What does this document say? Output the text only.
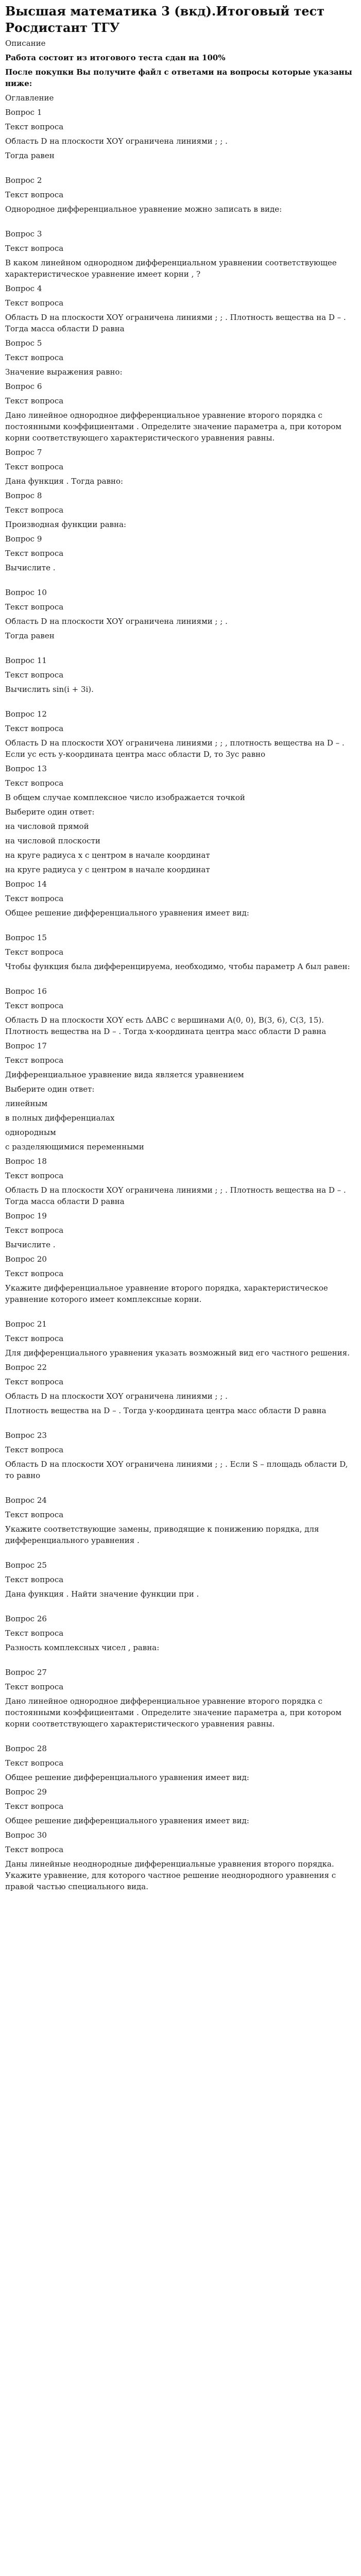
Высшая математика 3 (вкд).Итоговый тест Росдистант ТГУ
Описание
Работа состоит из итогового теста сдан на 100%
После покупки Вы получите файл с ответами на вопросы которые указаны ниже:
Оглавление
Вопрос 1
Текст вопроса
Область D на плоскости XOY ограничена линиями ; ; .
Тогда равен
Вопрос 2
Текст вопроса
Однородное дифференциальное уравнение можно записать в виде:
Вопрос 3
Текст вопроса
В каком линейном однородном дифференциальном уравнении соответствующее характеристическое уравнение имеет корни , ?
Вопрос 4
Текст вопроса
Область D на плоскости XOY ограничена линиями ; ; . Плотность вещества на D – . Тогда масса области D равна
Вопрос 5
Текст вопроса
Значение выражения равно:
Вопрос 6
Текст вопроса
Дано линейное однородное дифференциальное уравнение второго порядка с постоянными коэффициентами . Определите значение параметра а, при котором корни соответствующего характеристического уравнения равны.
Вопрос 7
Текст вопроса
Дана функция . Тогда равно:
Вопрос 8
Текст вопроса
Производная функции равна:
Вопрос 9
Текст вопроса
Вычислите .
Вопрос 10
Текст вопроса
Область D на плоскости XOY ограничена линиями ; ; .
Тогда равен
Вопрос 11
Текст вопроса
Вычислить sin(i + 3i).
Вопрос 12
Текст вопроса
Область D на плоскости XOY ограничена линиями ; ; , плотность вещества на D – . Если yс есть y-координата центра масс области D, то 3yс равно
Вопрос 13
Текст вопроса
В общем случае комплексное число изображается точкой
Выберите один ответ:
на числовой прямой
на числовой плоскости
на круге радиуса x с центром в начале координат
на круге радиуса y с центром в начале координат
Вопрос 14
Текст вопроса
Общее решение дифференциального уравнения имеет вид:
Вопрос 15
Текст вопроса
Чтобы функция была дифференцируема, необходимо, чтобы параметр А был равен:
Вопрос 16
Текст вопроса
Область D на плоскости XOY есть ΔABC с вершинами A(0, 0), B(3, 6), C(3, 15). Плотность вещества на D – . Тогда x-координата центра масс области D равна
Вопрос 17
Текст вопроса
Дифференциальное уравнение вида является уравнением
Выберите один ответ:
линейным
в полных дифференциалах
однородным
с разделяющимися переменными
Вопрос 18
Текст вопроса
Область D на плоскости XOY ограничена линиями ; ; . Плотность вещества на D – . Тогда масса области D равна
Вопрос 19
Текст вопроса
Вычислите .
Вопрос 20
Текст вопроса
Укажите дифференциальное уравнение второго порядка, характеристическое уравнение которого имеет комплексные корни.
Вопрос 21
Текст вопроса
Для дифференциального уравнения указать возможный вид его частного решения.
Вопрос 22
Текст вопроса
Область D на плоскости XOY ограничена линиями ; ; .
Плотность вещества на D – . Тогда y-координата центра масс области D равна
Вопрос 23
Текст вопроса
Область D на плоскости XOY ограничена линиями ; ; . Если S – площадь области D, то равно
Вопрос 24
Текст вопроса
Укажите соответствующие замены, приводящие к понижению порядка, для дифференциального уравнения .
Вопрос 25
Текст вопроса
Дана функция . Найти значение функции при .
Вопрос 26
Текст вопроса
Разность комплексных чисел , равна:
Вопрос 27
Текст вопроса
Дано линейное однородное дифференциальное уравнение второго порядка с постоянными коэффициентами . Определите значение параметра а, при котором корни соответствующего характеристического уравнения равны.
Вопрос 28
Текст вопроса
Общее решение дифференциального уравнения имеет вид:
Вопрос 29
Текст вопроса
Общее решение дифференциального уравнения имеет вид:
Вопрос 30
Текст вопроса
Даны линейные неоднородные дифференциальные уравнения второго порядка. Укажите уравнение, для которого частное решение неоднородного уравнения с правой частью специального вида.
